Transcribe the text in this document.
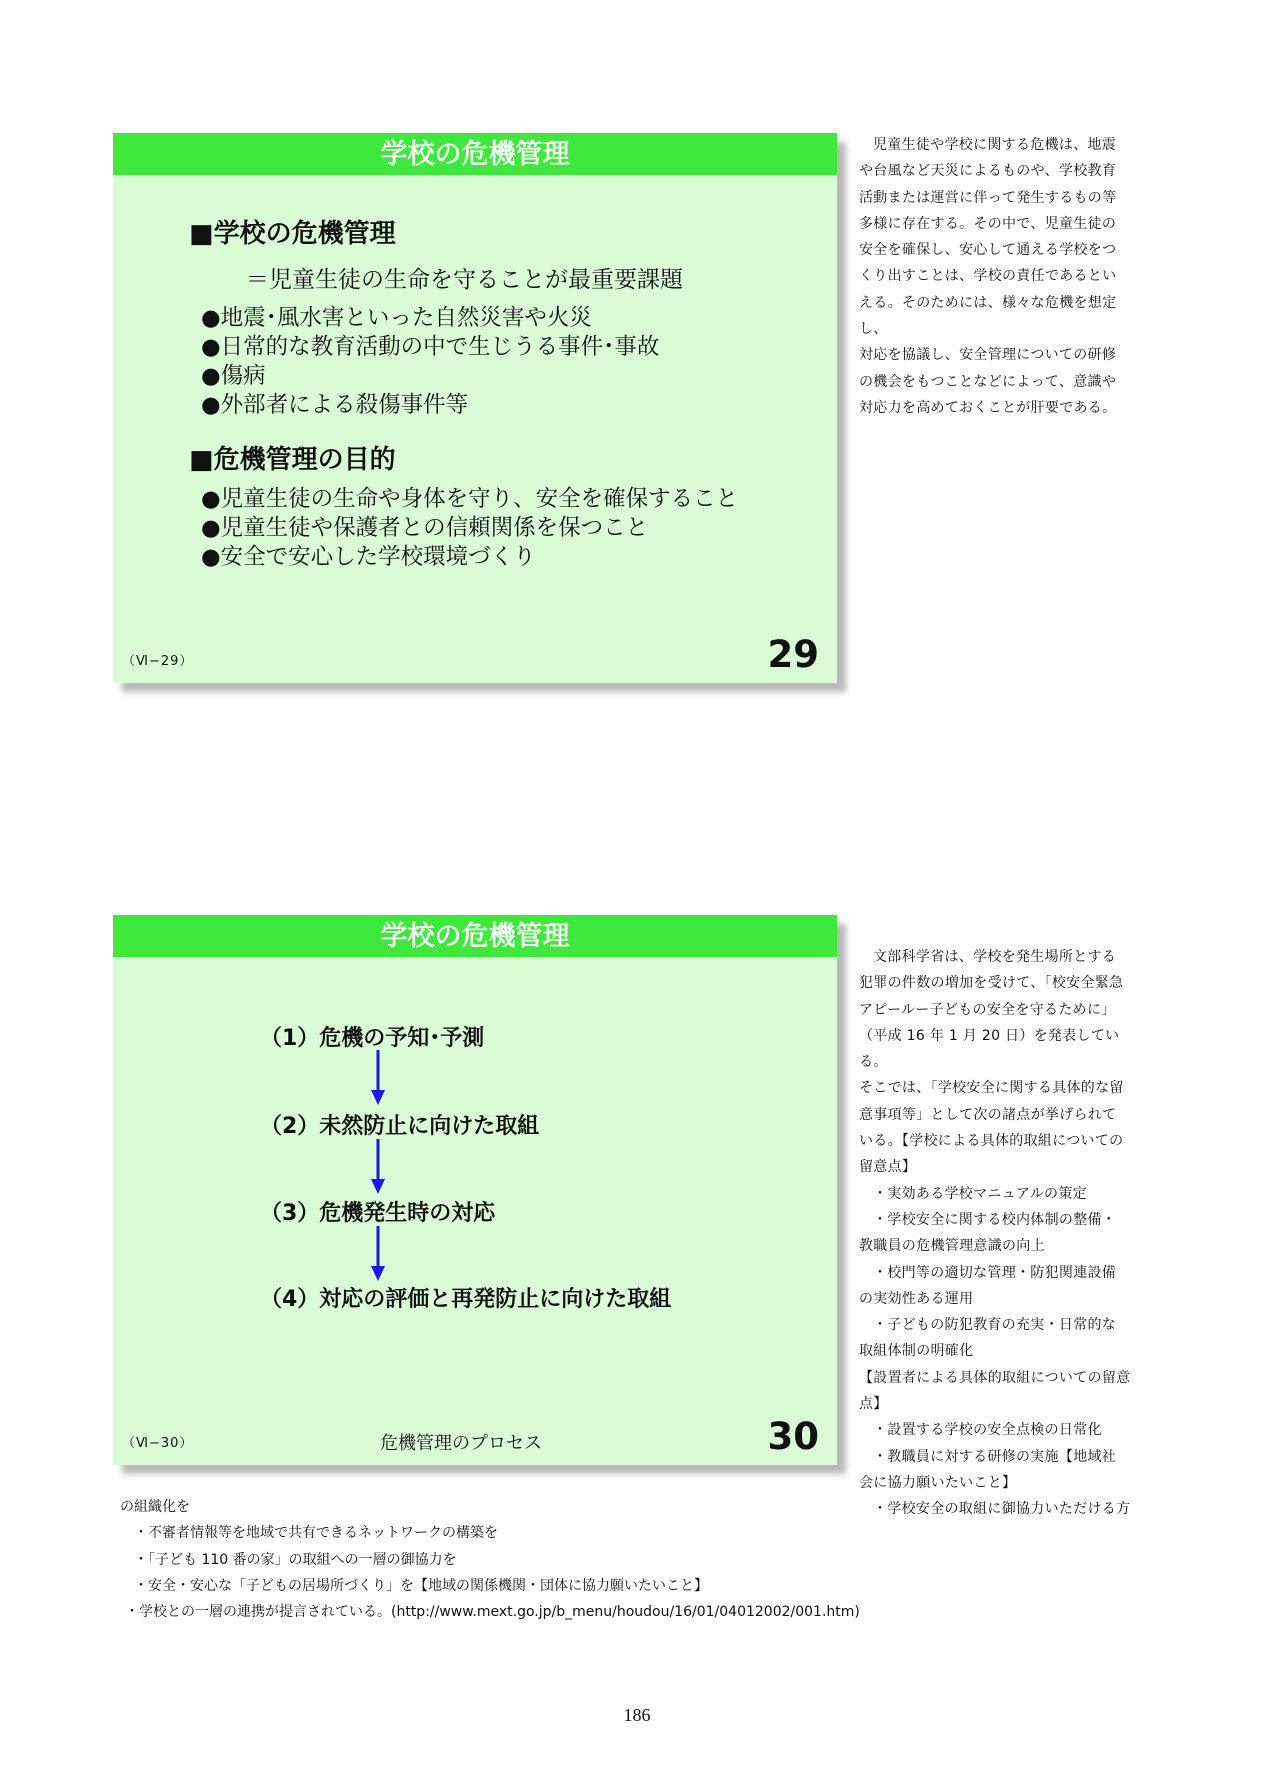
学校の危機管理
■学校の危機管理
＝児童生徒の生命を守ることが最重要課題
●地震･風水害といった自然災害や火災
●日常的な教育活動の中で生じうる事件･事故
●傷病
●外部者による殺傷事件等
■危機管理の目的
●児童生徒の生命や身体を守り、安全を確保すること
●児童生徒や保護者との信頼関係を保つこと
●安全で安心した学校環境づくり
（Ⅵ−29）	29
学校の危機管理
（1）危機の予知･予測
（2）未然防止に向けた取組
（3）危機発生時の対応
（4）対応の評価と再発防止に向けた取組
（Ⅵ−30）	危機管理のプロセス	30

児童生徒や学校に関する危機は、地震

や台風など天災によるものや、学校教育

活動または運営に伴って発生するもの等

多様に存在する。その中で、児童生徒の

安全を確保し、安心して通える学校をつ

くり出すことは、学校の責任であるとい

える。そのためには、様々な危機を想定し、

対応を協議し、安全管理についての研修

の機会をもつことなどによって、意識や

対応力を高めておくことが肝要である。

文部科学省は、学校を発生場所とする

犯罪の件数の増加を受けて、「校安全緊急

アピールー子どもの安全を守るために」

（平成 16 年 1 月 20 日）を発表している。

そこでは、「学校安全に関する具体的な留

意事項等」として次の諸点が挙げられて

いる。【学校による具体的取組についての

留意点】

・実効ある学校マニュアルの策定

・学校安全に関する校内体制の整備・

教職員の危機管理意識の向上

・校門等の適切な管理・防犯関連設備

の実効性ある運用

・子どもの防犯教育の充実・日常的な

取組体制の明確化

【設置者による具体的取組についての留意

点】

・設置する学校の安全点検の日常化

・教職員に対する研修の実施【地域社

会に協力願いたいこと】

・学校安全の取組に御協力いただける方

の組織化を

・不審者情報等を地域で共有できるネットワークの構築を

・「子ども 110 番の家」の取組への一層の御協力を

・安全・安心な「子どもの居場所づくり」を【地域の関係機関・団体に協力願いたいこと】

・学校との一層の連携が提言されている。(http://www.mext.go.jp/b_menu/houdou/16/01/04012002/001.htm)

186
